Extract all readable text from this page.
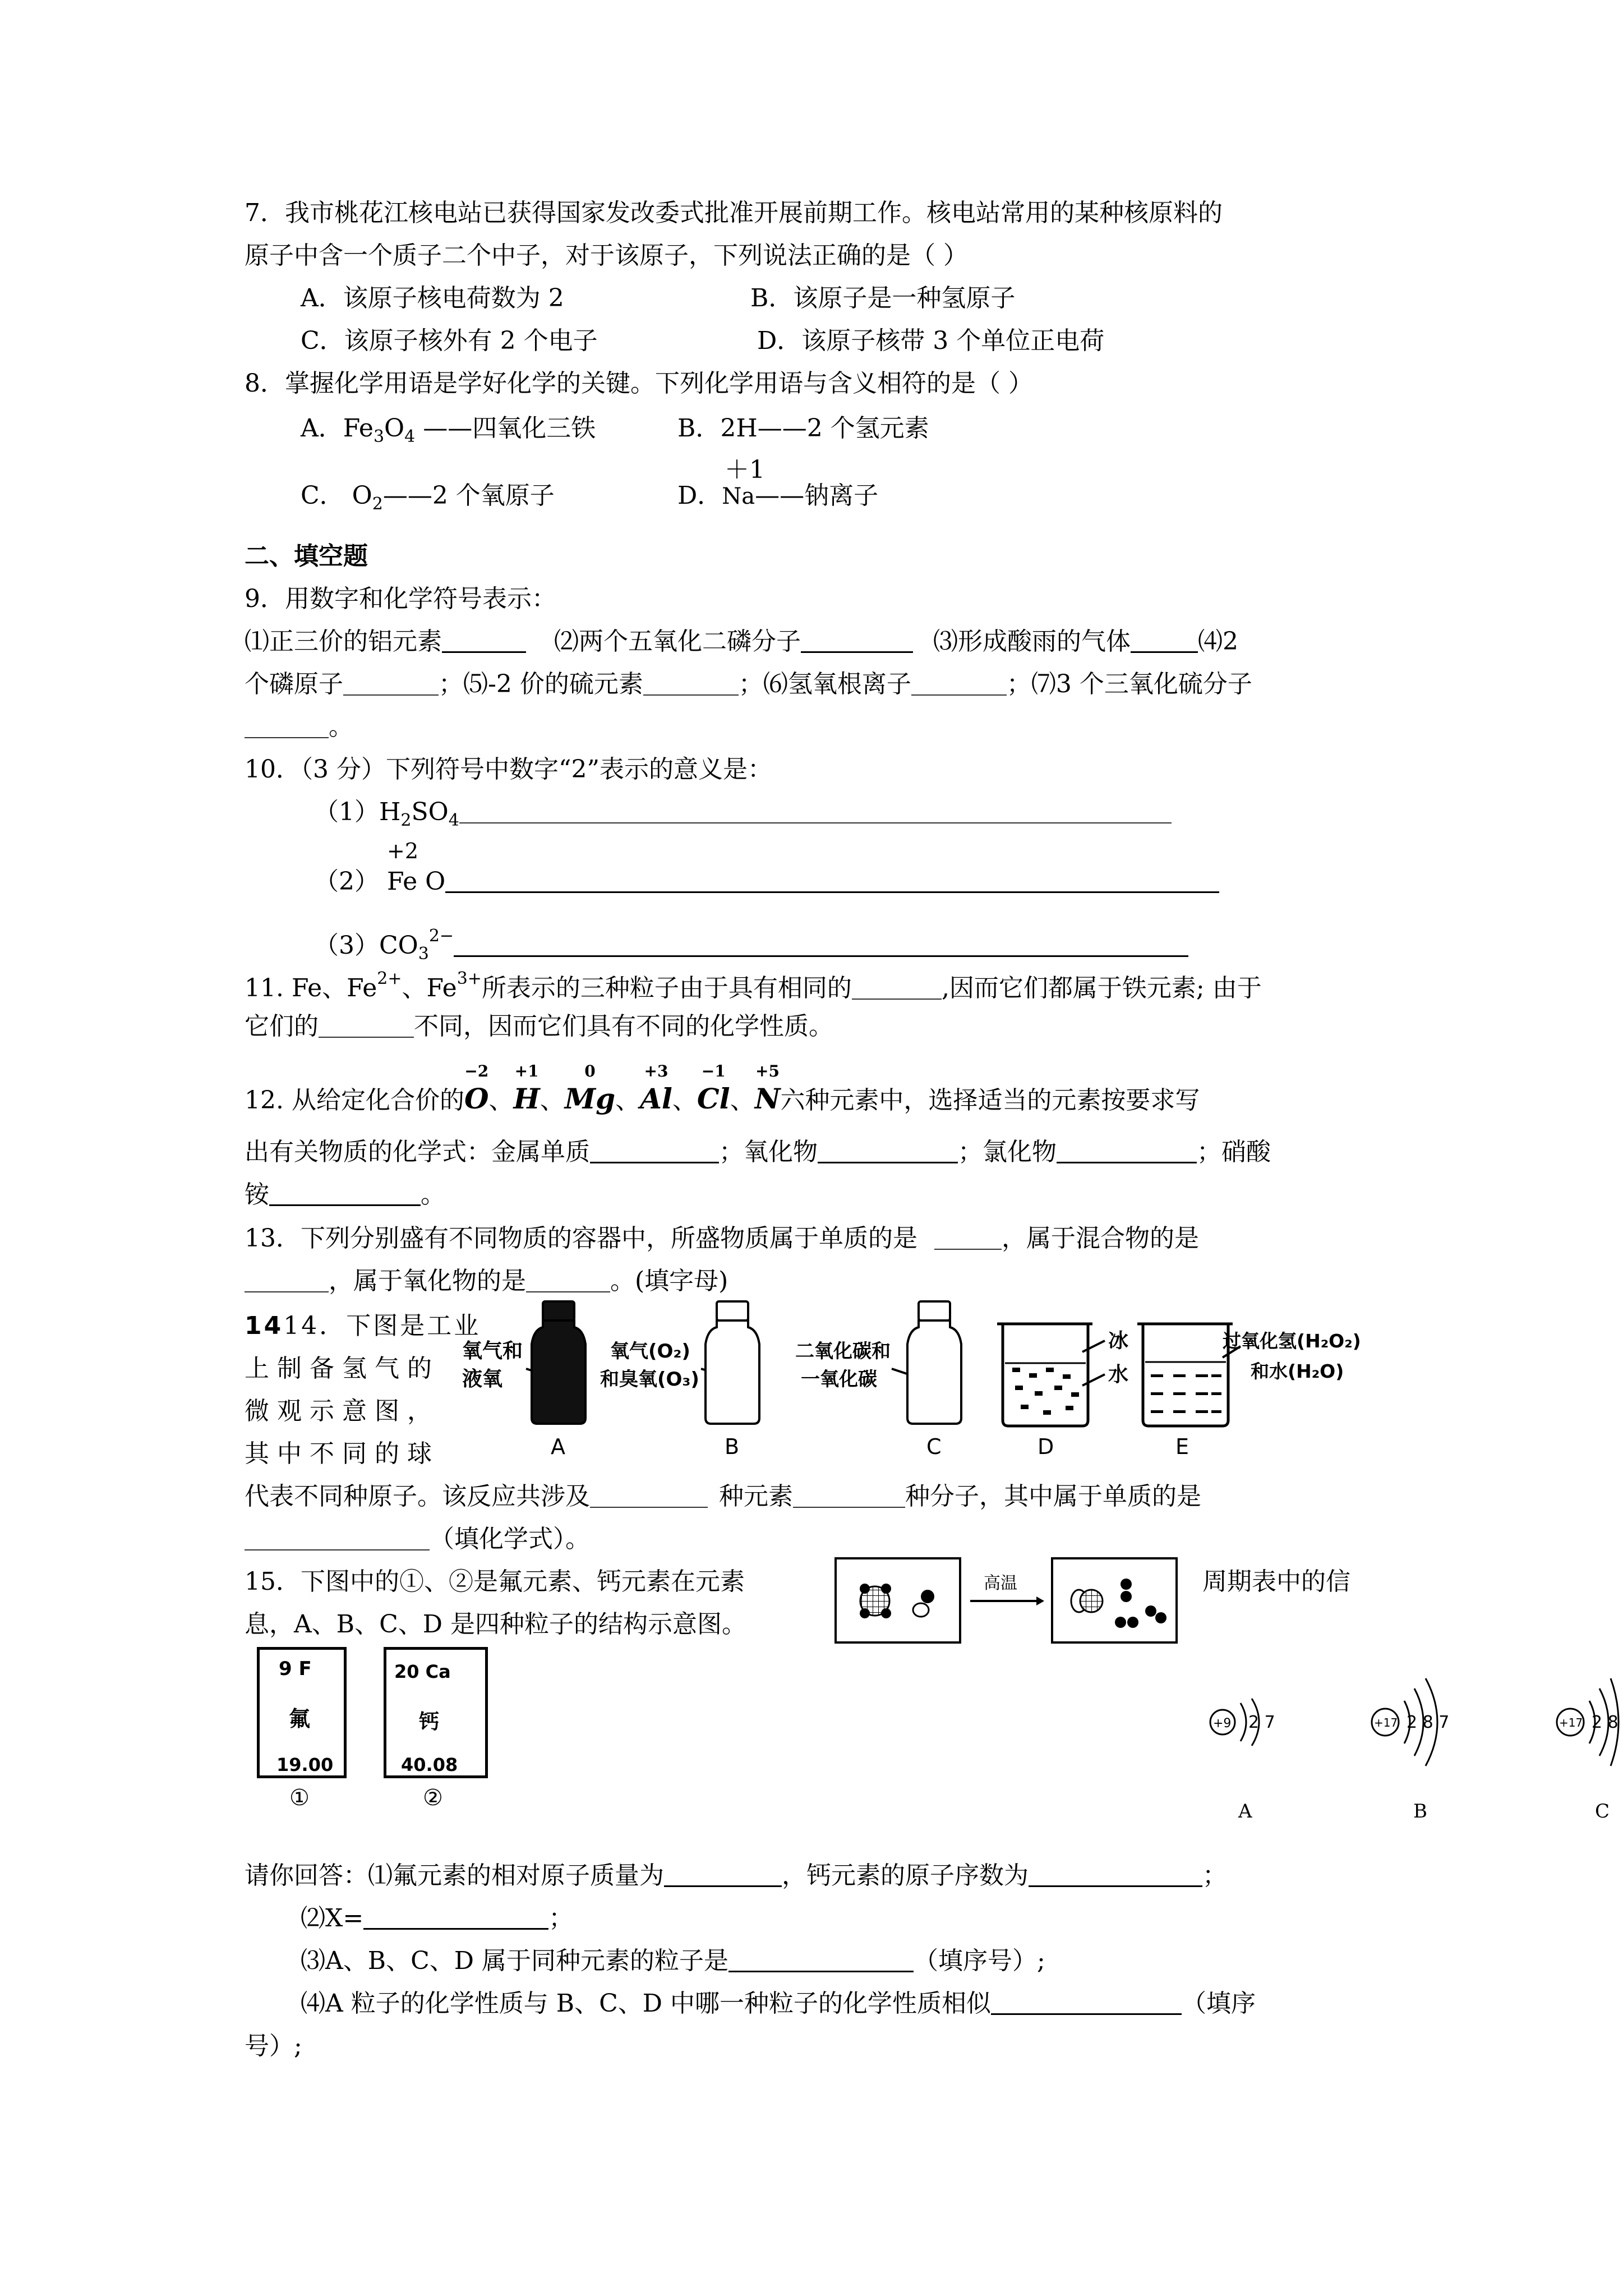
7．我市桃花江核电站已获得国家发改委式批准开展前期工作。核电站常用的某种核原料的
原子中含一个质子二个中子，对于该原子，下列说法正确的是（ ）
A．该原子核电荷数为 2	B．该原子是一种氢原子
C．该原子核外有 2 个电子	D．该原子核带 3 个单位正电荷
8．掌握化学用语是学好化学的关键。下列化学用语与含义相符的是（ ）
A．$Fe_3O_4$ ——四氧化三铁	B．2H——2 个氢元素
＋1
C． $O_2——2$ 个氧原子	D．Na——钠离子
二、填空题
9．用数字和化学符号表示：
⑴正三价的铝元素	⑵两个五氧化二磷分子	⑶形成酸雨的气体	⑷2
个磷原子	；⑸-2 价的硫元素	；⑹氢氧根离子	；⑺3 个三氧化硫分子
。
10．（3 分）下列符号中数字“2”表示的意义是：
$(1)H_2SO_4$
+2
（2） Fe O
$(3)CO_3^{2-}$
11. Fe、$Fe^{2+}$、$Fe^{3+}$所表示的三种粒子由于具有相同的	,因而它们都属于铁元素; 由于
它们的	不同，因而它们具有不同的化学性质。
12. 从给定化合价的
−2
O、
+1
H、
0
Mg、
+3
Al、
−1
Cl、
+5
N六种元素中，选择适当的元素按要求写
出有关物质的化学式：金属单质	；氧化物	；氯化物	；硝酸
铵	。
13．下列分别盛有不同物质的容器中，所盛物质属于单质的是	，属于混合物的是
，属于氧化物的是	。(填字母)
氧气和
液氧
A
氧气(O₂)
和臭氧(O₃)
B
二氧化碳和
一氧化碳
C
冰
水
D
过氧化氢(H₂O₂)
和水(H₂O)
E
1414．下图是工业
上制备氢气的
微观示意图，
其中不同的球
代表不同种原子。该反应共涉及	种元素	种分子，其中属于单质的是
（填化学式）。
15．下图中的①、②是氟元素、钙元素在元素	周期表中的信
息，A、B、C、D 是四种粒子的结构示意图。
高温
9 F
氟
19.00
①
20 Ca
钙
40.08
②
+9 2 7
A
+17 2 8 7
B
+17 2 8
C
请你回答：⑴氟元素的相对原子质量为	，钙元素的原子序数为	；
⑵X=	；
⑶A、B、C、D 属于同种元素的粒子是	（填序号）;
⑷A 粒子的化学性质与 B、C、D 中哪一种粒子的化学性质相似	（填序
号）;
